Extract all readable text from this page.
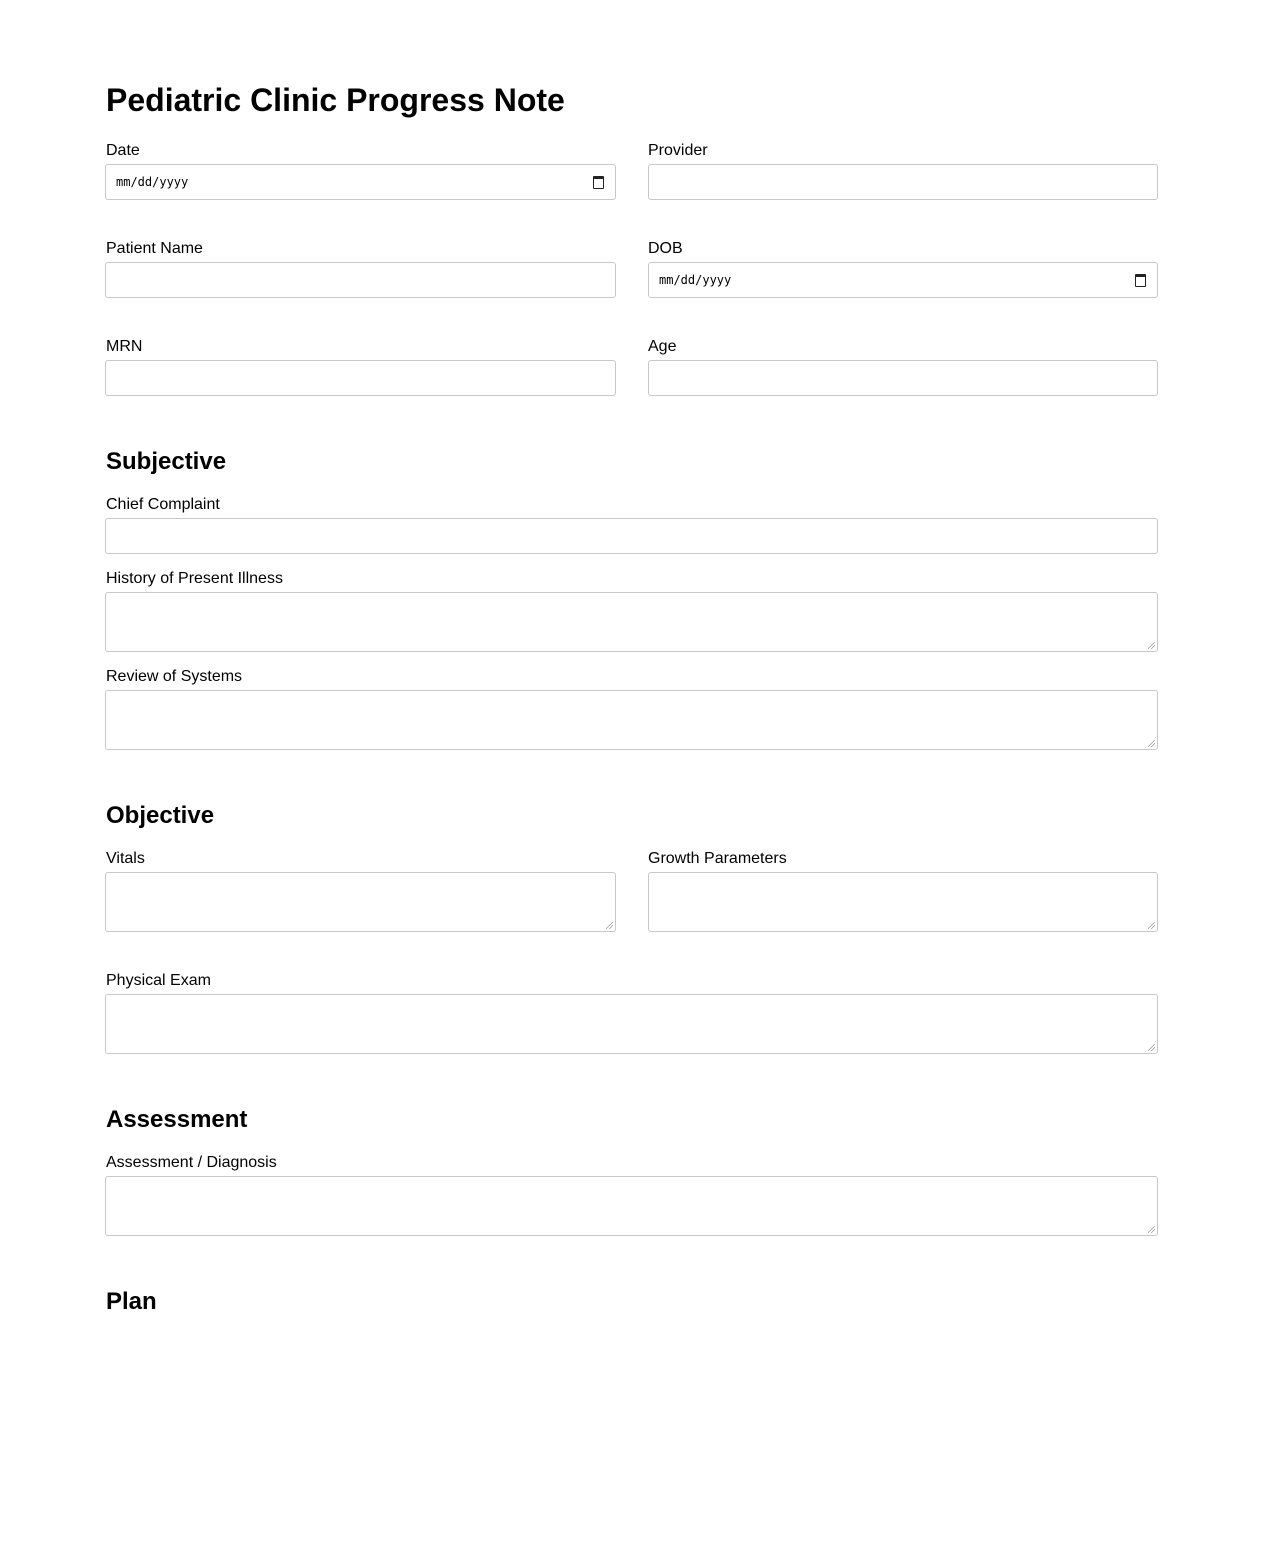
Pediatric Clinic Progress Note
Date
mm/dd/yyyy
Provider
Patient Name	DOB
mm/dd/yyyy
MRN	Age
Subjective
Chief Complaint
History of Present Illness
Review of Systems
Objective
Vitals	Growth Parameters
Physical Exam
Assessment
Assessment / Diagnosis
Plan
